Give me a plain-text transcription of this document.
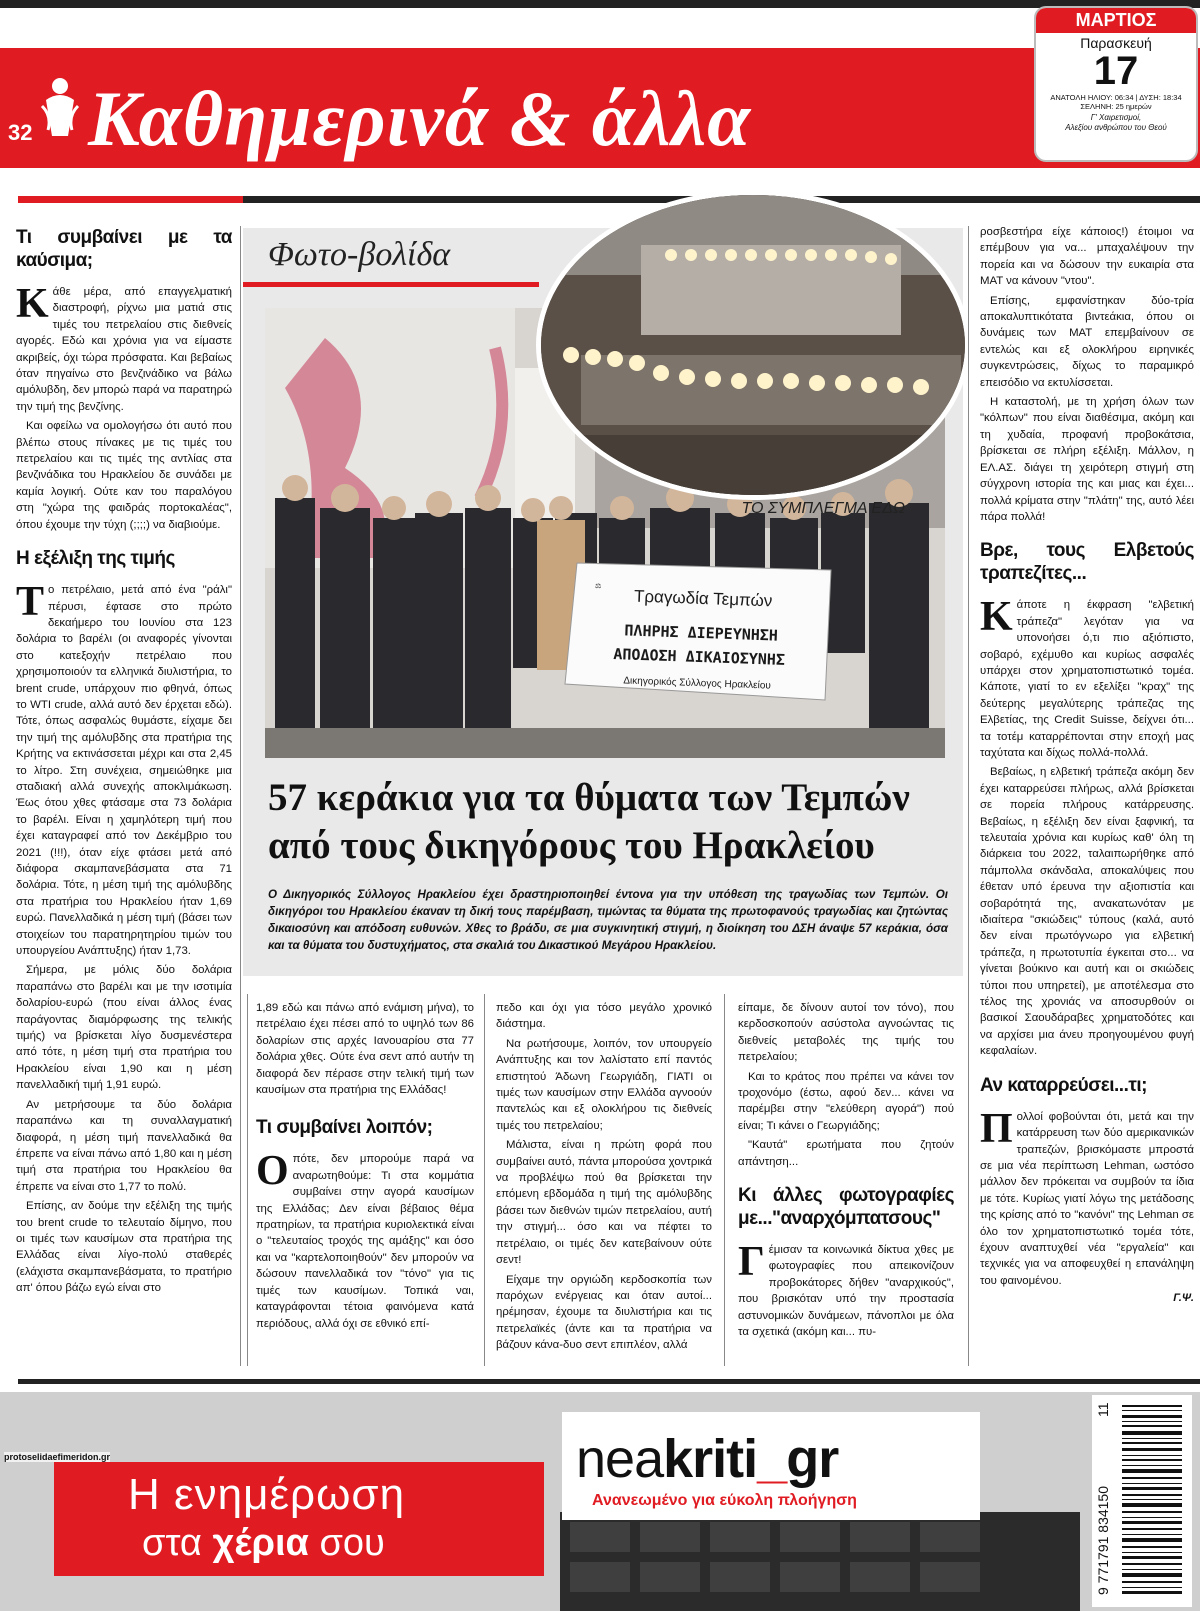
32 Καθημερινά & άλλα
ΜΑΡΤΙΟΣ
Παρασκευή
17
ΑΝΑΤΟΛΗ ΗΛΙΟΥ: 06:34 | ΔΥΣΗ: 18:34
ΣΕΛΗΝΗ: 25 ημερών
Γ' Χαιρετισμοί,
Αλεξίου ανθρώπου του Θεού
Τι συμβαίνει με τα καύσιμα;

Κάθε μέρα, από επαγγελματική διαστροφή, ρίχνω μια ματιά στις τιμές του πετρελαίου στις διεθνείς αγορές. Εδώ και χρόνια για να είμαστε ακριβείς, όχι τώρα πρόσφατα. Και βεβαίως όταν πηγαίνω στο βενζινάδικο να βάλω αμόλυβδη, δεν μπορώ παρά να παρατηρώ την τιμή της βενζίνης.

Και οφείλω να ομολογήσω ότι αυτό που βλέπω στους πίνακες με τις τιμές του πετρελαίου και τις τιμές της αντλίας στα βενζινάδικα του Ηρακλείου δε συνάδει με καμία λογική. Ούτε καν του παραλόγου στη "χώρα της φαιδράς πορτοκαλέας", όπου έχουμε την τύχη (;;;;) να διαβιούμε.

Η εξέλιξη της τιμής

Το πετρέλαιο, μετά από ένα "ράλι" πέρυσι, έφτασε στο πρώτο δεκαήμερο του Ιουνίου στα 123 δολάρια το βαρέλι (οι αναφορές γίνονται στο κατεξοχήν πετρέλαιο που χρησιμοποιούν τα ελληνικά διυλιστήρια, το brent crude, υπάρχουν πιο φθηνά, όπως το WTI crude, αλλά αυτό δεν έρχεται εδώ). Τότε, όπως ασφαλώς θυμάστε, είχαμε δει την τιμή της αμόλυβδης στα πρατήρια της Κρήτης να εκτινάσσεται μέχρι και στα 2,45 το λίτρο. Στη συνέχεια, σημειώθηκε μια σταδιακή αλλά συνεχής αποκλιμάκωση. Έως ότου χθες φτάσαμε στα 73 δολάρια το βαρέλι. Είναι η χαμηλότερη τιμή που έχει καταγραφεί από τον Δεκέμβριο του 2021 (!!!), όταν είχε φτάσει μετά από διάφορα σκαμπανεβάσματα στα 71 δολάρια. Τότε, η μέση τιμή της αμόλυβδης στα πρατήρια του Ηρακλείου ήταν 1,69 ευρώ. Πανελλαδικά η μέση τιμή (βάσει των στοιχείων του παρατηρητηρίου τιμών του υπουργείου Ανάπτυξης) ήταν 1,73.

Σήμερα, με μόλις δύο δολάρια παραπάνω στο βαρέλι και με την ισοτιμία δολαρίου-ευρώ (που είναι άλλος ένας παράγοντας διαμόρφωσης της τελικής τιμής) να βρίσκεται λίγο δυσμενέστερα από τότε, η μέση τιμή στα πρατήρια του Ηρακλείου είναι 1,90 και η μέση πανελλαδική τιμή 1,91 ευρώ.

Αν μετρήσουμε τα δύο δολάρια παραπάνω και τη συναλλαγματική διαφορά, η μέση τιμή πανελλαδικά θα έπρεπε να είναι πάνω από 1,80 και η μέση τιμή στα πρατήρια του Ηρακλείου θα έπρεπε να είναι στο 1,77 το πολύ.

Επίσης, αν δούμε την εξέλιξη της τιμής του brent crude το τελευταίο δίμηνο, που οι τιμές των καυσίμων στα πρατήρια της Ελλάδας είναι λίγο-πολύ σταθερές (ελάχιστα σκαμπανεβάσματα, το πρατήριο απ' όπου βάζω εγώ είναι στο

Φωτο-βολίδα
⚖
ΤΟ ΣΥΜΠΛΕΓΜΑ ΕΔΩ
Τραγωδία Τεμπών
ΠΛΗΡΗΣ ΔΙΕΡΕΥΝΗΣΗ
ΑΠΟΔΟΣΗ ΔΙΚΑΙΟΣΥΝΗΣ
Δικηγορικός Σύλλογος Ηρακλείου
57 κεράκια για τα θύματα των Τεμπών
από τους δικηγόρους του Ηρακλείου
Ο Δικηγορικός Σύλλογος Ηρακλείου έχει δραστηριοποιηθεί έντονα για την υπόθεση της τραγωδίας των Τεμπών. Οι δικηγόροι του Ηρακλείου έκαναν τη δική τους παρέμβαση, τιμώντας τα θύματα της πρωτοφανούς τραγωδίας και ζητώντας δικαιοσύνη και απόδοση ευθυνών. Χθες το βράδυ, σε μια συγκινητική στιγμή, η διοίκηση του ΔΣΗ άναψε 57 κεράκια, όσα και τα θύματα του δυστυχήματος, στα σκαλιά του Δικαστικού Μεγάρου Ηρακλείου.

1,89 εδώ και πάνω από ενάμιση μήνα), το πετρέλαιο έχει πέσει από το υψηλό των 86 δολαρίων στις αρχές Ιανουαρίου στα 77 δολάρια χθες. Ούτε ένα σεντ από αυτήν τη διαφορά δεν πέρασε στην τελική τιμή των καυσίμων στα πρατήρια της Ελλάδας!

Τι συμβαίνει λοιπόν;

Οπότε, δεν μπορούμε παρά να αναρωτηθούμε: Τι στα κομμάτια συμβαίνει στην αγορά καυσίμων της Ελλάδας; Δεν είναι βέβαιος θέμα πρατηρίων, τα πρατήρια κυριολεκτικά είναι ο "τελευταίος τροχός της αμάξης" και όσο και να "καρτελοποιηθούν" δεν μπορούν να δώσουν πανελλαδικά τον "τόνο" για τις τιμές των καυσίμων. Τοπικά ναι, καταγράφονται τέτοια φαινόμενα κατά περιόδους, αλλά όχι σε εθνικό επί-

πεδο και όχι για τόσο μεγάλο χρονικό διάστημα.

Να ρωτήσουμε, λοιπόν, τον υπουργείο Ανάπτυξης και τον λαλίστατο επί παντός επιστητού Άδωνη Γεωργιάδη, ΓΙΑΤΙ οι τιμές των καυσίμων στην Ελλάδα αγνοούν παντελώς και εξ ολοκλήρου τις διεθνείς τιμές του πετρελαίου;

Μάλιστα, είναι η πρώτη φορά που συμβαίνει αυτό, πάντα μπορούσα χοντρικά να προβλέψω πού θα βρίσκεται την επόμενη εβδομάδα η τιμή της αμόλυβδης βάσει των διεθνών τιμών πετρελαίου, αυτή την στιγμή... όσο και να πέφτει το πετρέλαιο, οι τιμές δεν κατεβαίνουν ούτε σεντ!

Είχαμε την οργιώδη κερδοσκοπία των παρόχων ενέργειας και όταν αυτοί... ηρέμησαν, έχουμε τα διυλιστήρια και τις πετρελαϊκές (άντε και τα πρατήρια να βάζουν κάνα-δυο σεντ επιπλέον, αλλά

είπαμε, δε δίνουν αυτοί τον τόνο), που κερδοσκοπούν ασύστολα αγνοώντας τις διεθνείς μεταβολές της τιμής του πετρελαίου;

Και το κράτος που πρέπει να κάνει τον τροχονόμο (έστω, αφού δεν... κάνει να παρέμβει στην "ελεύθερη αγορά") πού είναι; Τι κάνει ο Γεωργιάδης;

"Καυτά" ερωτήματα που ζητούν απάντηση...

Κι άλλες φωτογραφίες με..."αναρχόμπατσους"

Γέμισαν τα κοινωνικά δίκτυα χθες με φωτογραφίες που απεικονίζουν προβοκάτορες δήθεν "αναρχικούς", που βρισκόταν υπό την προστασία αστυνομικών δυνάμεων, πάνοπλοι με όλα τα σχετικά (ακόμη και... πυ-

ροσβεστήρα είχε κάποιος!) έτοιμοι να επέμβουν για να... μπαχαλέψουν την πορεία και να δώσουν την ευκαιρία στα ΜΑΤ να κάνουν "ντου".

Επίσης, εμφανίστηκαν δύο-τρία αποκαλυπτικότατα βιντεάκια, όπου οι δυνάμεις των ΜΑΤ επεμβαίνουν σε εντελώς και εξ ολοκλήρου ειρηνικές συγκεντρώσεις, δίχως το παραμικρό επεισόδιο να εκτυλίσσεται.

Η καταστολή, με τη χρήση όλων των "κόλπων" που είναι διαθέσιμα, ακόμη και τη χυδαία, προφανή προβοκάτσια, βρίσκεται σε πλήρη εξέλιξη. Μάλλον, η ΕΛ.ΑΣ. διάγει τη χειρότερη στιγμή στη σύγχρονη ιστορία της και μιας και έχει... πολλά κρίματα στην "πλάτη" της, αυτό λέει πάρα πολλά!

Βρε, τους Ελβετούς τραπεζίτες...

Κάποτε η έκφραση "ελβετική τράπεζα" λεγόταν για να υπονοήσει ό,τι πιο αξιόπιστο, σοβαρό, εχέμυθο και κυρίως ασφαλές υπάρχει στον χρηματοπιστωτικό τομέα. Κάποτε, γιατί το εν εξελίξει "κραχ" της δεύτερης μεγαλύτερης τράπεζας της Ελβετίας, της Credit Suisse, δείχνει ότι... τα τοτέμ καταρρέπονται στην εποχή μας ταχύτατα και δίχως πολλά-πολλά.

Βεβαίως, η ελβετική τράπεζα ακόμη δεν έχει καταρρεύσει πλήρως, αλλά βρίσκεται σε πορεία πλήρους κατάρρευσης. Βεβαίως, η εξέλιξη δεν είναι ξαφνική, τα τελευταία χρόνια και κυρίως καθ' όλη τη διάρκεια του 2022, ταλαιπωρήθηκε από πάμπολλα σκάνδαλα, αποκαλύψεις που έθεταν υπό έρευνα την αξιοπιστία και σοβαρότητά της, ανακατωνόταν με ιδιαίτερα "σκιώδεις" τύπους (καλά, αυτό δεν είναι πρωτόγνωρο για ελβετική τράπεζα, η πρωτοτυπία έγκειται στο... να γίνεται βούκινο και αυτή και οι σκιώδεις τύποι που υπηρετεί), με αποτέλεσμα στο τέλος της χρονιάς να αποσυρθούν οι βασικοί Σαουδάραβες χρηματοδότες και να αρχίσει μια άνευ προηγουμένου φυγή κεφαλαίων.

Αν καταρρεύσει...τι;

Πολλοί φοβούνται ότι, μετά και την κατάρρευση των δύο αμερικανικών τραπεζών, βρισκόμαστε μπροστά σε μια νέα περίπτωση Lehman, ωστόσο μάλλον δεν πρόκειται να συμβούν τα ίδια με τότε. Κυρίως γιατί λόγω της μετάδοσης της κρίσης από το "κανόνι" της Lehman σε όλο τον χρηματοπιστωτικό τομέα τότε, έχουν αναπτυχθεί νέα "εργαλεία" και τεχνικές για να αποφευχθεί η επανάληψη του φαινομένου.

Γ.Ψ.
Η ενημέρωση
στα χέρια σου
neakriti_gr
Ανανεωμένο για εύκολη πλοήγηση
protoselidaefimeridon.gr
9 771791 834150
11
